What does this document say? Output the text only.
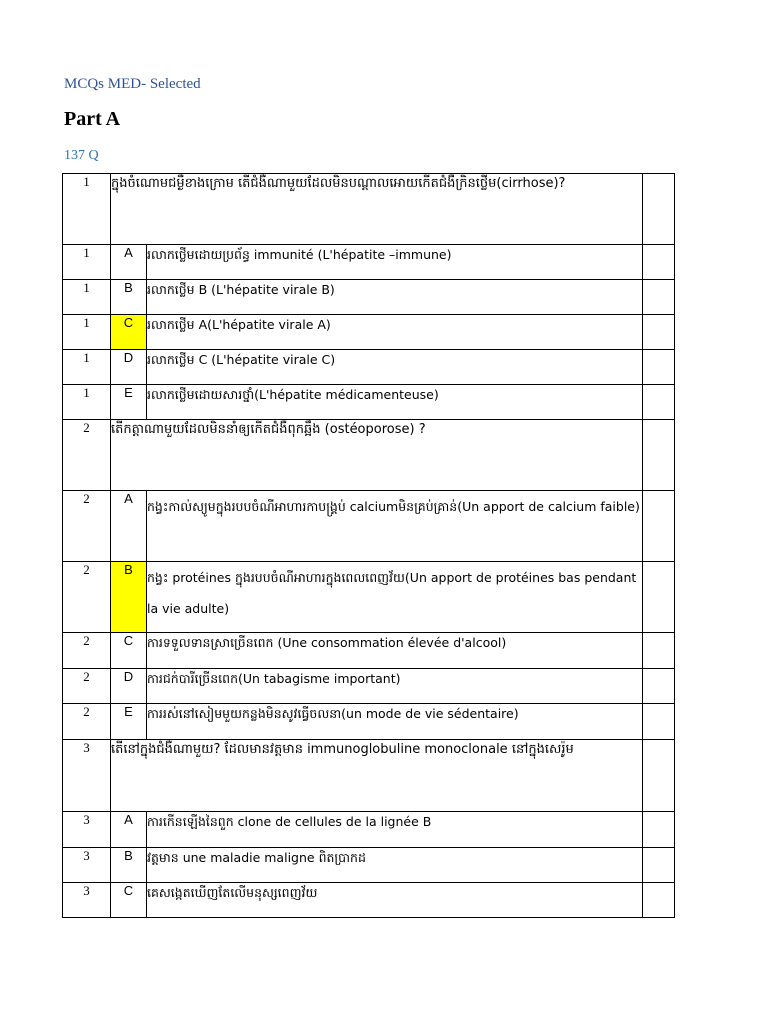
MCQs MED- Selected
Part A
137 Q
1	ក្នុងចំណោមជម្ងឺខាងក្រោម តើជំងឺណាមួយដែលមិនបណ្តាលអោយកើតជំងឺក្រិនថ្លើម(cirrhose)?		
1	A	រលាកថ្លើមដោយប្រព័ន្ធ immunité (L'hépatite –immune)	
1	B	រលាកថ្លើម B (L'hépatite virale B)	
1	C	រលាកថ្លើម A(L'hépatite virale A)	
1	D	រលាកថ្លើម C (L'hépatite virale C)	
1	E	រលាកថ្លើមដោយសារថ្នាំ(L'hépatite médicamenteuse)	
2	តើកត្តាណាមួយដែលមិននាំឲ្យកើតជំងឺពុកឆ្អឹង (ostéoporose) ?		
2	A	កង្វះកាល់ស្យូមក្នុងរបបចំណីអាហារកាបង្គ្រប់ calciumមិនគ្រប់គ្រាន់(Un apport de calcium faible)	
2	B	កង្វះ protéines ក្នុងរបបចំណីអាហារក្នុងពេលពេញវ័យ(Un apport de protéines bas pendant la vie adulte)	
2	C	ការទទួលទានស្រាច្រើនពេក (Une consommation élevée d'alcool)	
2	D	ការជក់បារីច្រើនពេក(Un tabagisme important)	
2	E	ការរស់នៅសៀមមួយកន្លងមិនសូវធ្វើចលនា(un mode de vie sédentaire)	
3	តើនៅក្នុងជំងឺណាមួយ? ដែលមានវត្តមាន immunoglobuline monoclonale នៅក្នុងសេរ៉ូម		
3	A	ការកើនឡើងនៃពួក clone de cellules de la lignée B	
3	B	វត្តមាន une maladie maligne ពិតប្រាកដ	
3	C	គេសង្កេតឃើញតែលើមនុស្សពេញវ័យ	
